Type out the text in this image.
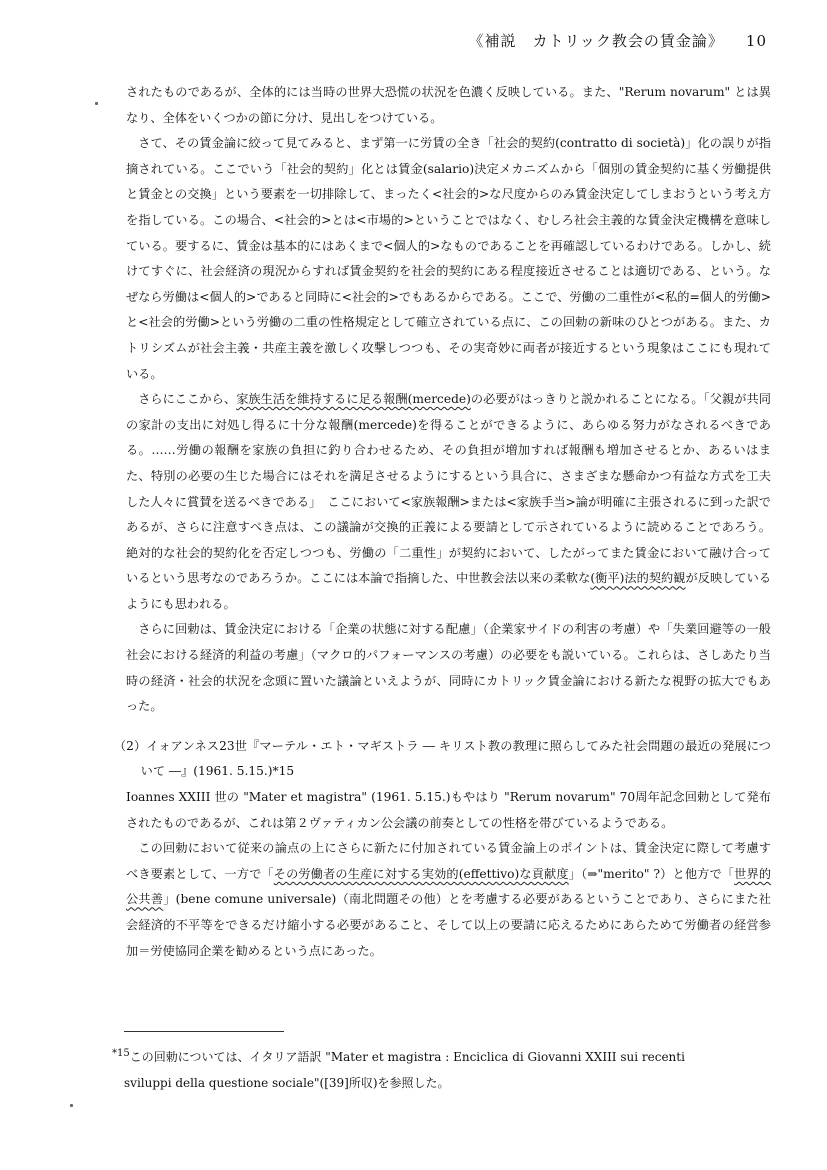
《補説　カトリック教会の賃金論》 10

されたものであるが、全体的には当時の世界大恐慌の状況を色濃く反映している。また、"Rerum novarum" とは異なり、全体をいくつかの節に分け、見出しをつけている。

さて、その賃金論に絞って見てみると、まず第一に労賃の全き「社会的契約(contratto di società)」化の誤りが指摘されている。ここでいう「社会的契約」化とは賃金(salario)決定メカニズムから「個別の賃金契約に基く労働提供と賃金との交換」という要素を一切排除して、まったく<社会的>な尺度からのみ賃金決定してしまおうという考え方を指している。この場合、<社会的>とは<市場的>ということではなく、むしろ社会主義的な賃金決定機構を意味している。要するに、賃金は基本的にはあくまで<個人的>なものであることを再確認しているわけである。しかし、続けてすぐに、社会経済の現況からすれば賃金契約を社会的契約にある程度接近させることは適切である、という。なぜなら労働は<個人的>であると同時に<社会的>でもあるからである。ここで、労働の二重性が<私的=個人的労働>と<社会的労働>という労働の二重の性格規定として確立されている点に、この回勅の新味のひとつがある。また、カトリシズムが社会主義・共産主義を激しく攻撃しつつも、その実奇妙に両者が接近するという現象はここにも現れている。

さらにここから、家族生活を維持するに足る報酬(mercede)の必要がはっきりと説かれることになる。「父親が共同の家計の支出に対処し得るに十分な報酬(mercede)を得ることができるように、あらゆる努力がなされるべきである。……労働の報酬を家族の負担に釣り合わせるため、その負担が増加すれば報酬も増加させるとか、あるいはまた、特別の必要の生じた場合にはそれを満足させるようにするという具合に、さまざまな懸命かつ有益な方式を工夫した人々に賞賛を送るべきである」　ここにおいて<家族報酬>または<家族手当>論が明確に主張されるに到った訳であるが、さらに注意すべき点は、この議論が交換的正義による要請として示されているように読めることであろう。絶対的な社会的契約化を否定しつつも、労働の「二重性」が契約において、したがってまた賃金において融け合っているという思考なのであろうか。ここには本論で指摘した、中世教会法以来の柔軟な(衡平)法的契約観が反映しているようにも思われる。

さらに回勅は、賃金決定における「企業の状態に対する配慮」（企業家サイドの利害の考慮）や「失業回避等の一般社会における経済的利益の考慮」（マクロ的パフォーマンスの考慮）の必要をも説いている。これらは、さしあたり当時の経済・社会的状況を念頭に置いた議論といえようが、同時にカトリック賃金論における新たな視野の拡大でもあった。

（2）イォアンネス23世『マーテル・エト・マギストラ ― キリスト教の教理に照らしてみた社会問題の最近の発展について ―』(1961. 5.15.)*15

Ioannes XXIII 世の "Mater et magistra" (1961. 5.15.)もやはり "Rerum novarum" 70周年記念回勅として発布されたものであるが、これは第２ヴァティカン公会議の前奏としての性格を帯びているようである。

この回勅において従来の論点の上にさらに新たに付加されている賃金論上のポイントは、賃金決定に際して考慮すべき要素として、一方で「その労働者の生産に対する実効的(effettivo)な貢献度」（⇒"merito" ?）と他方で「世界的公共善」(bene comune universale)（南北問題その他）とを考慮する必要があるということであり、さらにまた社会経済的不平等をできるだけ縮小する必要があること、そして以上の要請に応えるためにあらためて労働者の経営参加＝労使協同企業を勧めるという点にあった。

$^{*15}$この回勅については、イタリア語訳 "Mater et magistra : Enciclica di Giovanni XXIII sui recenti

sviluppi della questione sociale"([39]所収)を参照した。
